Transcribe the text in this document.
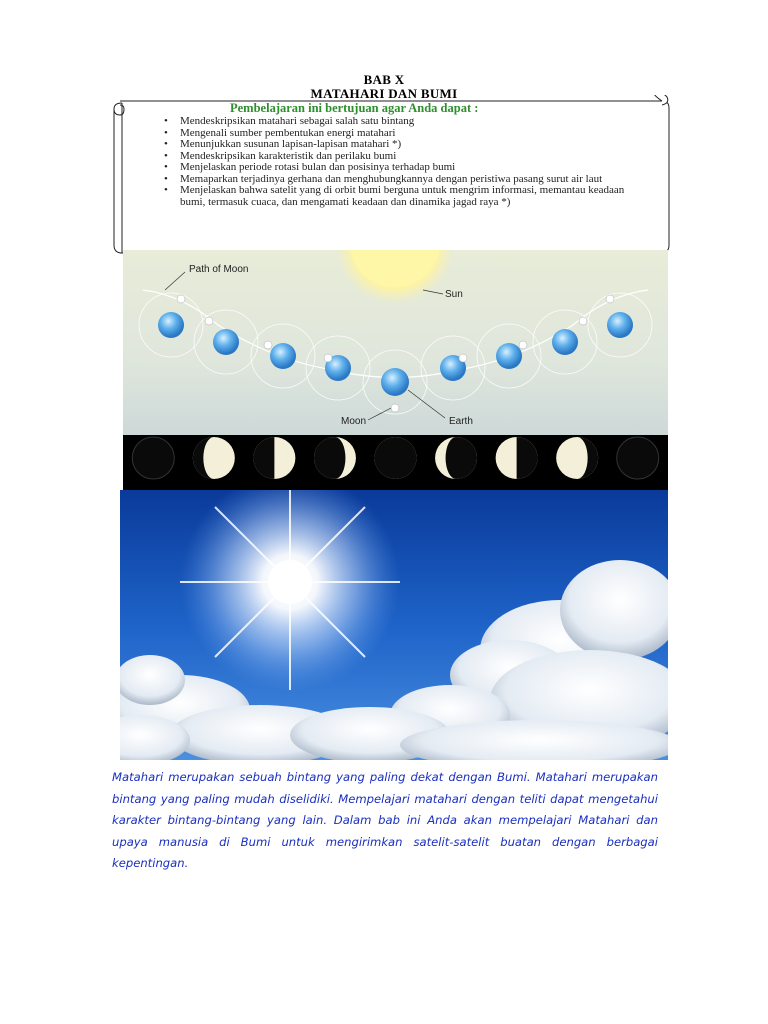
BAB X
MATAHARI DAN BUMI
Pembelajaran ini bertujuan agar Anda dapat :
• Mendeskripsikan matahari sebagai salah satu bintang
• Mengenali sumber pembentukan energi matahari
• Menunjukkan susunan lapisan-lapisan matahari *)
• Mendeskripsikan karakteristik dan perilaku bumi
• Menjelaskan periode rotasi bulan dan posisinya terhadap bumi
• Memaparkan terjadinya gerhana dan menghubungkannya dengan peristiwa pasang surut air laut
• Menjelaskan bahwa satelit yang di orbit bumi berguna untuk mengrim informasi, memantau keadaan bumi, termasuk cuaca, dan mengamati keadaan dan dinamika jagad raya *)
Path of Moon
Sun
Moon	Earth

Matahari merupakan sebuah bintang yang paling dekat dengan Bumi. Matahari merupakan bintang yang paling mudah diselidiki. Mempelajari matahari dengan teliti dapat mengetahui karakter bintang-bintang yang lain. Dalam bab ini Anda akan mempelajari Matahari dan upaya manusia di Bumi untuk mengirimkan satelit-satelit buatan dengan berbagai kepentingan.
